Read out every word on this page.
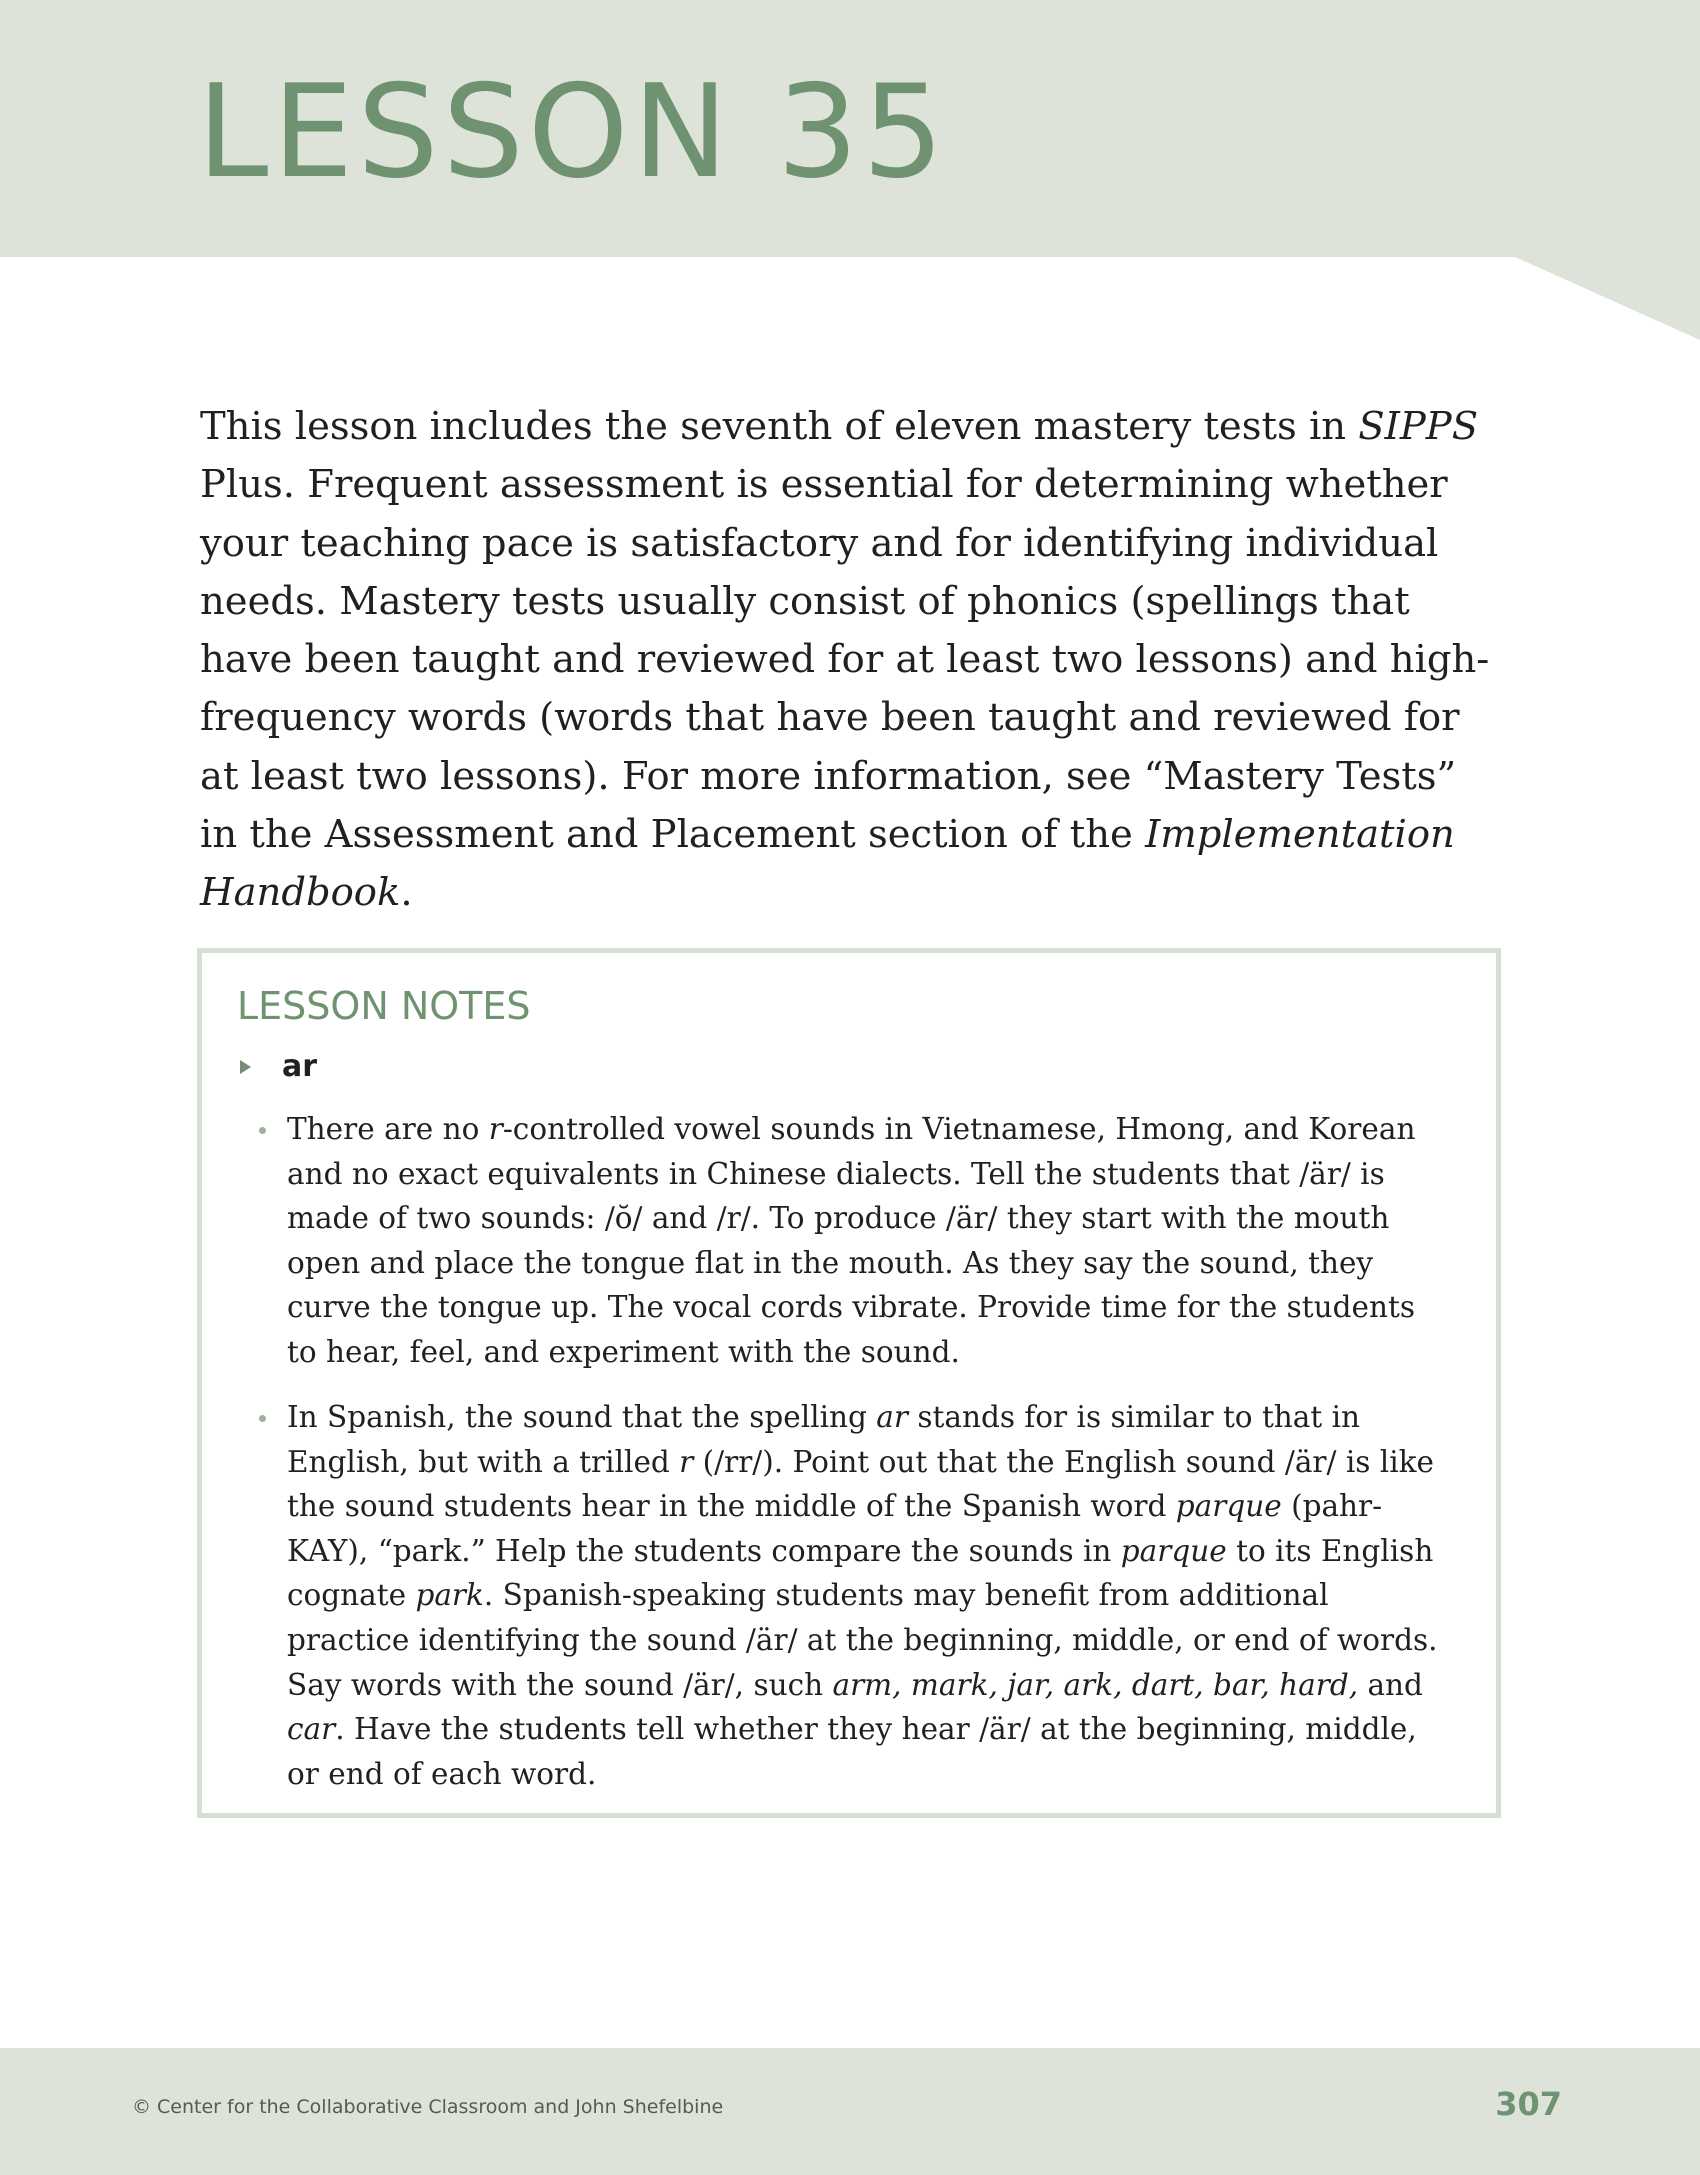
LESSON 35

This lesson includes the seventh of eleven mastery tests in SIPPS Plus. Frequent assessment is essential for determining whether your teaching pace is satisfactory and for identifying individual needs. Mastery tests usually consist of phonics (spellings that have been taught and reviewed for at least two lessons) and high-frequency words (words that have been taught and reviewed for at least two lessons). For more information, see “Mastery Tests” in the Assessment and Placement section of the Implementation Handbook.

LESSON NOTES
ar

There are no r-controlled vowel sounds in Vietnamese, Hmong, and Korean and no exact equivalents in Chinese dialects. Tell the students that /är/ is made of two sounds: /ŏ/ and /r/. To produce /är/ they start with the mouth open and place the tongue flat in the mouth. As they say the sound, they curve the tongue up. The vocal cords vibrate. Provide time for the students to hear, feel, and experiment with the sound.

In Spanish, the sound that the spelling ar stands for is similar to that in English, but with a trilled r (/rr/). Point out that the English sound /är/ is like the sound students hear in the middle of the Spanish word parque (pahr-KAY), “park.” Help the students compare the sounds in parque to its English cognate park. Spanish-speaking students may benefit from additional practice identifying the sound /är/ at the beginning, middle, or end of words. Say words with the sound /är/, such arm, mark, jar, ark, dart, bar, hard, and car. Have the students tell whether they hear /är/ at the beginning, middle, or end of each word.

© Center for the Collaborative Classroom and John Shefelbine	307
